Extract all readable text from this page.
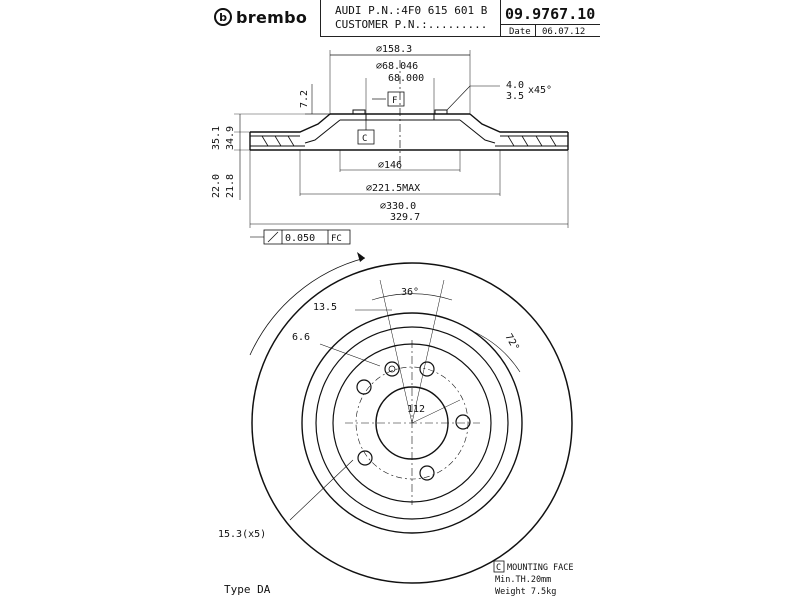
b brembo	AUDI P.N.:4F0 615 601 B
CUSTOMER P.N.:.........
09.9767.10
Date 06.07.12
⌀158.3
⌀68.046
68.000
4.0
3.5
x45°
F
C
7.2
35.1 34.9
22.0 21.8
⌀146
⌀221.5MAX
⌀330.0
329.7
0.050 FC
36°
13.5
6.6	72°
112
15.3(x5)
Type DA
C MOUNTING FACE
Min.TH.20mm
Weight 7.5kg
